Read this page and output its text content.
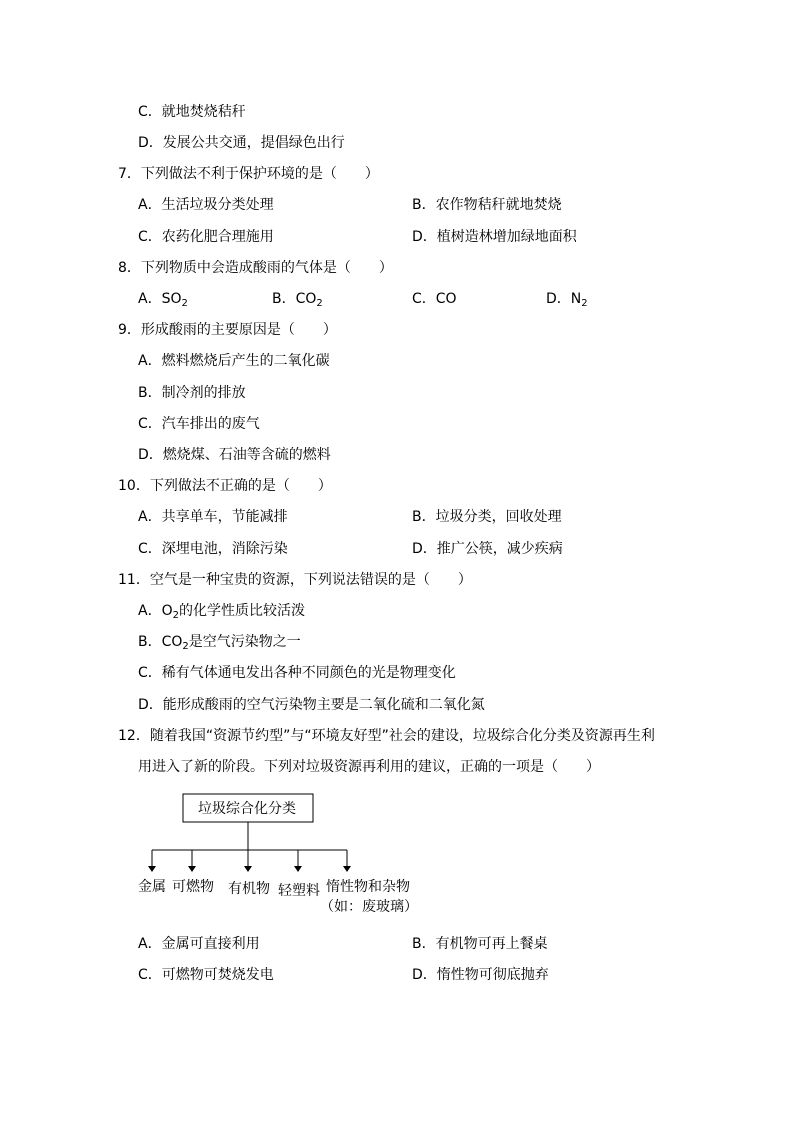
C．就地焚烧秸秆
D．发展公共交通，提倡绿色出行
7．下列做法不利于保护环境的是（　　）
A．生活垃圾分类处理	B．农作物秸秆就地焚烧
C．农药化肥合理施用	D．植树造林增加绿地面积
8．下列物质中会造成酸雨的气体是（　　）
A．$SO_2$	B．$CO_2$	C．CO	D．$N_2$
9．形成酸雨的主要原因是（　　）
A．燃料燃烧后产生的二氧化碳
B．制冷剂的排放
C．汽车排出的废气
D．燃烧煤、石油等含硫的燃料
10．下列做法不正确的是（　　）
A．共享单车，节能减排	B．垃圾分类，回收处理
C．深埋电池，消除污染	D．推广公筷，减少疾病
11．空气是一种宝贵的资源，下列说法错误的是（　　）
A．$O_2$的化学性质比较活泼
B．$CO_2$是空气污染物之一
C．稀有气体通电发出各种不同颜色的光是物理变化
D．能形成酸雨的空气污染物主要是二氧化硫和二氧化氮
12．随着我国“资源节约型”与“环境友好型”社会的建设，垃圾综合化分类及资源再生利
用进入了新的阶段。下列对垃圾资源再利用的建议，正确的一项是（　　）
垃圾综合化分类
金属 可燃物 有机物 轻塑料 惰性物和杂物
（如：废玻璃）
A．金属可直接利用	B．有机物可再上餐桌
C．可燃物可焚烧发电	D．惰性物可彻底抛弃
